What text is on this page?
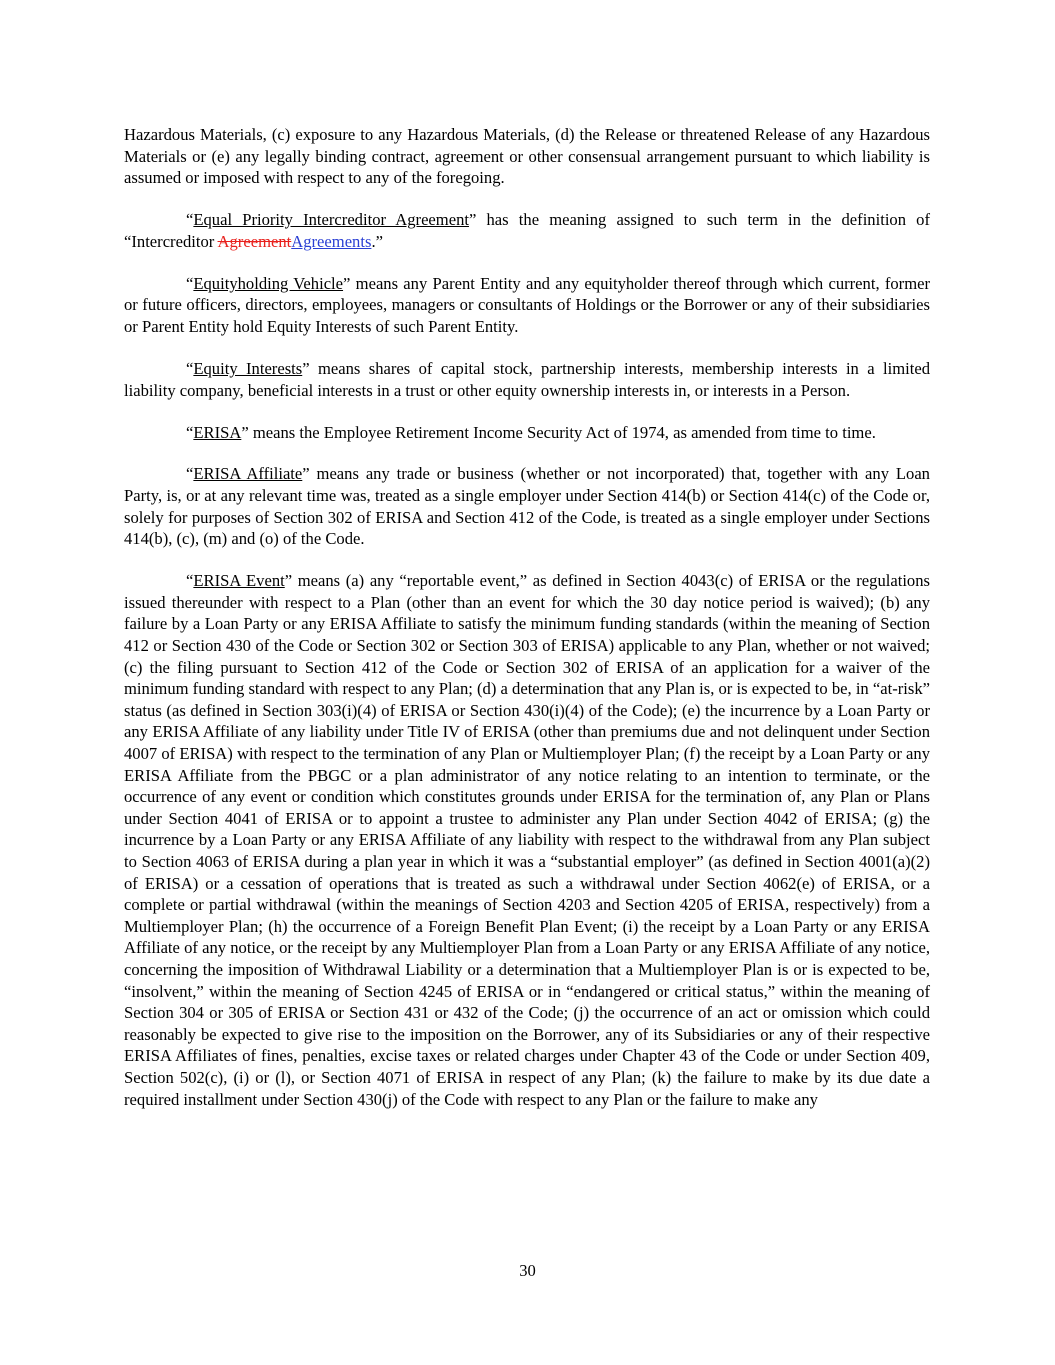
Hazardous Materials, (c) exposure to any Hazardous Materials, (d) the Release or threatened Release of any Hazardous Materials or (e) any legally binding contract, agreement or other consensual arrangement pursuant to which liability is assumed or imposed with respect to any of the foregoing.

“Equal Priority Intercreditor Agreement” has the meaning assigned to such term in the definition of “Intercreditor AgreementAgreements.”

“Equityholding Vehicle” means any Parent Entity and any equityholder thereof through which current, former or future officers, directors, employees, managers or consultants of Holdings or the Borrower or any of their subsidiaries or Parent Entity hold Equity Interests of such Parent Entity.

“Equity Interests” means shares of capital stock, partnership interests, membership interests in a limited liability company, beneficial interests in a trust or other equity ownership interests in, or interests in a Person.

“ERISA” means the Employee Retirement Income Security Act of 1974, as amended from time to time.

“ERISA Affiliate” means any trade or business (whether or not incorporated) that, together with any Loan Party, is, or at any relevant time was, treated as a single employer under Section 414(b) or Section 414(c) of the Code or, solely for purposes of Section 302 of ERISA and Section 412 of the Code, is treated as a single employer under Sections 414(b), (c), (m) and (o) of the Code.

“ERISA Event” means (a) any “reportable event,” as defined in Section 4043(c) of ERISA or the regulations issued thereunder with respect to a Plan (other than an event for which the 30 day notice period is waived); (b) any failure by a Loan Party or any ERISA Affiliate to satisfy the minimum funding standards (within the meaning of Section 412 or Section 430 of the Code or Section 302 or Section 303 of ERISA) applicable to any Plan, whether or not waived; (c) the filing pursuant to Section 412 of the Code or Section 302 of ERISA of an application for a waiver of the minimum funding standard with respect to any Plan; (d) a determination that any Plan is, or is expected to be, in “at-risk” status (as defined in Section 303(i)(4) of ERISA or Section 430(i)(4) of the Code); (e) the incurrence by a Loan Party or any ERISA Affiliate of any liability under Title IV of ERISA (other than premiums due and not delinquent under Section 4007 of ERISA) with respect to the termination of any Plan or Multiemployer Plan; (f) the receipt by a Loan Party or any ERISA Affiliate from the PBGC or a plan administrator of any notice relating to an intention to terminate, or the occurrence of any event or condition which constitutes grounds under ERISA for the termination of, any Plan or Plans under Section 4041 of ERISA or to appoint a trustee to administer any Plan under Section 4042 of ERISA; (g) the incurrence by a Loan Party or any ERISA Affiliate of any liability with respect to the withdrawal from any Plan subject to Section 4063 of ERISA during a plan year in which it was a “substantial employer” (as defined in Section 4001(a)(2) of ERISA) or a cessation of operations that is treated as such a withdrawal under Section 4062(e) of ERISA, or a complete or partial withdrawal (within the meanings of Section 4203 and Section 4205 of ERISA, respectively) from a Multiemployer Plan; (h) the occurrence of a Foreign Benefit Plan Event; (i) the receipt by a Loan Party or any ERISA Affiliate of any notice, or the receipt by any Multiemployer Plan from a Loan Party or any ERISA Affiliate of any notice, concerning the imposition of Withdrawal Liability or a determination that a Multiemployer Plan is or is expected to be, “insolvent,” within the meaning of Section 4245 of ERISA or in “endangered or critical status,” within the meaning of Section 304 or 305 of ERISA or Section 431 or 432 of the Code; (j) the occurrence of an act or omission which could reasonably be expected to give rise to the imposition on the Borrower, any of its Subsidiaries or any of their respective ERISA Affiliates of fines, penalties, excise taxes or related charges under Chapter 43 of the Code or under Section 409, Section 502(c), (i) or (l), or Section 4071 of ERISA in respect of any Plan; (k) the failure to make by its due date a required installment under Section 430(j) of the Code with respect to any Plan or the failure to make any

30
